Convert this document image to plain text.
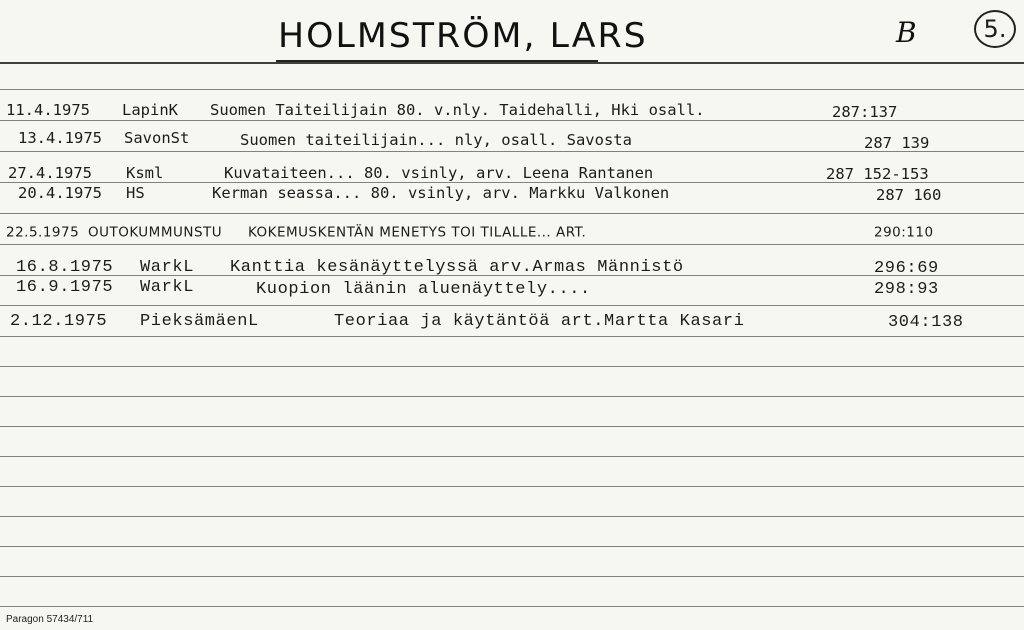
HOLMSTRÖM, LARS	B	5.
11.4.1975 LapinK Suomen Taiteilijain 80. v.nly. Taidehalli, Hki osall.	287:137
13.4.1975 SavonSt	Suomen taiteilijain... nly, osall. Savosta	287 139
27.4.1975 Ksml	Kuvataiteen... 80. vsinly, arv. Leena Rantanen	287 152-153
20.4.1975 HS	Kerman seassa... 80. vsinly, arv. Markku Valkonen	287 160
22.5.1975 OUTOKUMMUNSTU KOKEMUSKENTÄN MENETYS TOI TILALLE... ART.	290:110
16.8.1975 WarkL Kanttia kesänäyttelyssä arv.Armas Männistö	296:69
16.9.1975 WarkL	Kuopion läänin aluenäyttely....	298:93
2.12.1975 PieksämäenL	Teoriaa ja käytäntöä art.Martta Kasari	304:138
Paragon 57434/711
